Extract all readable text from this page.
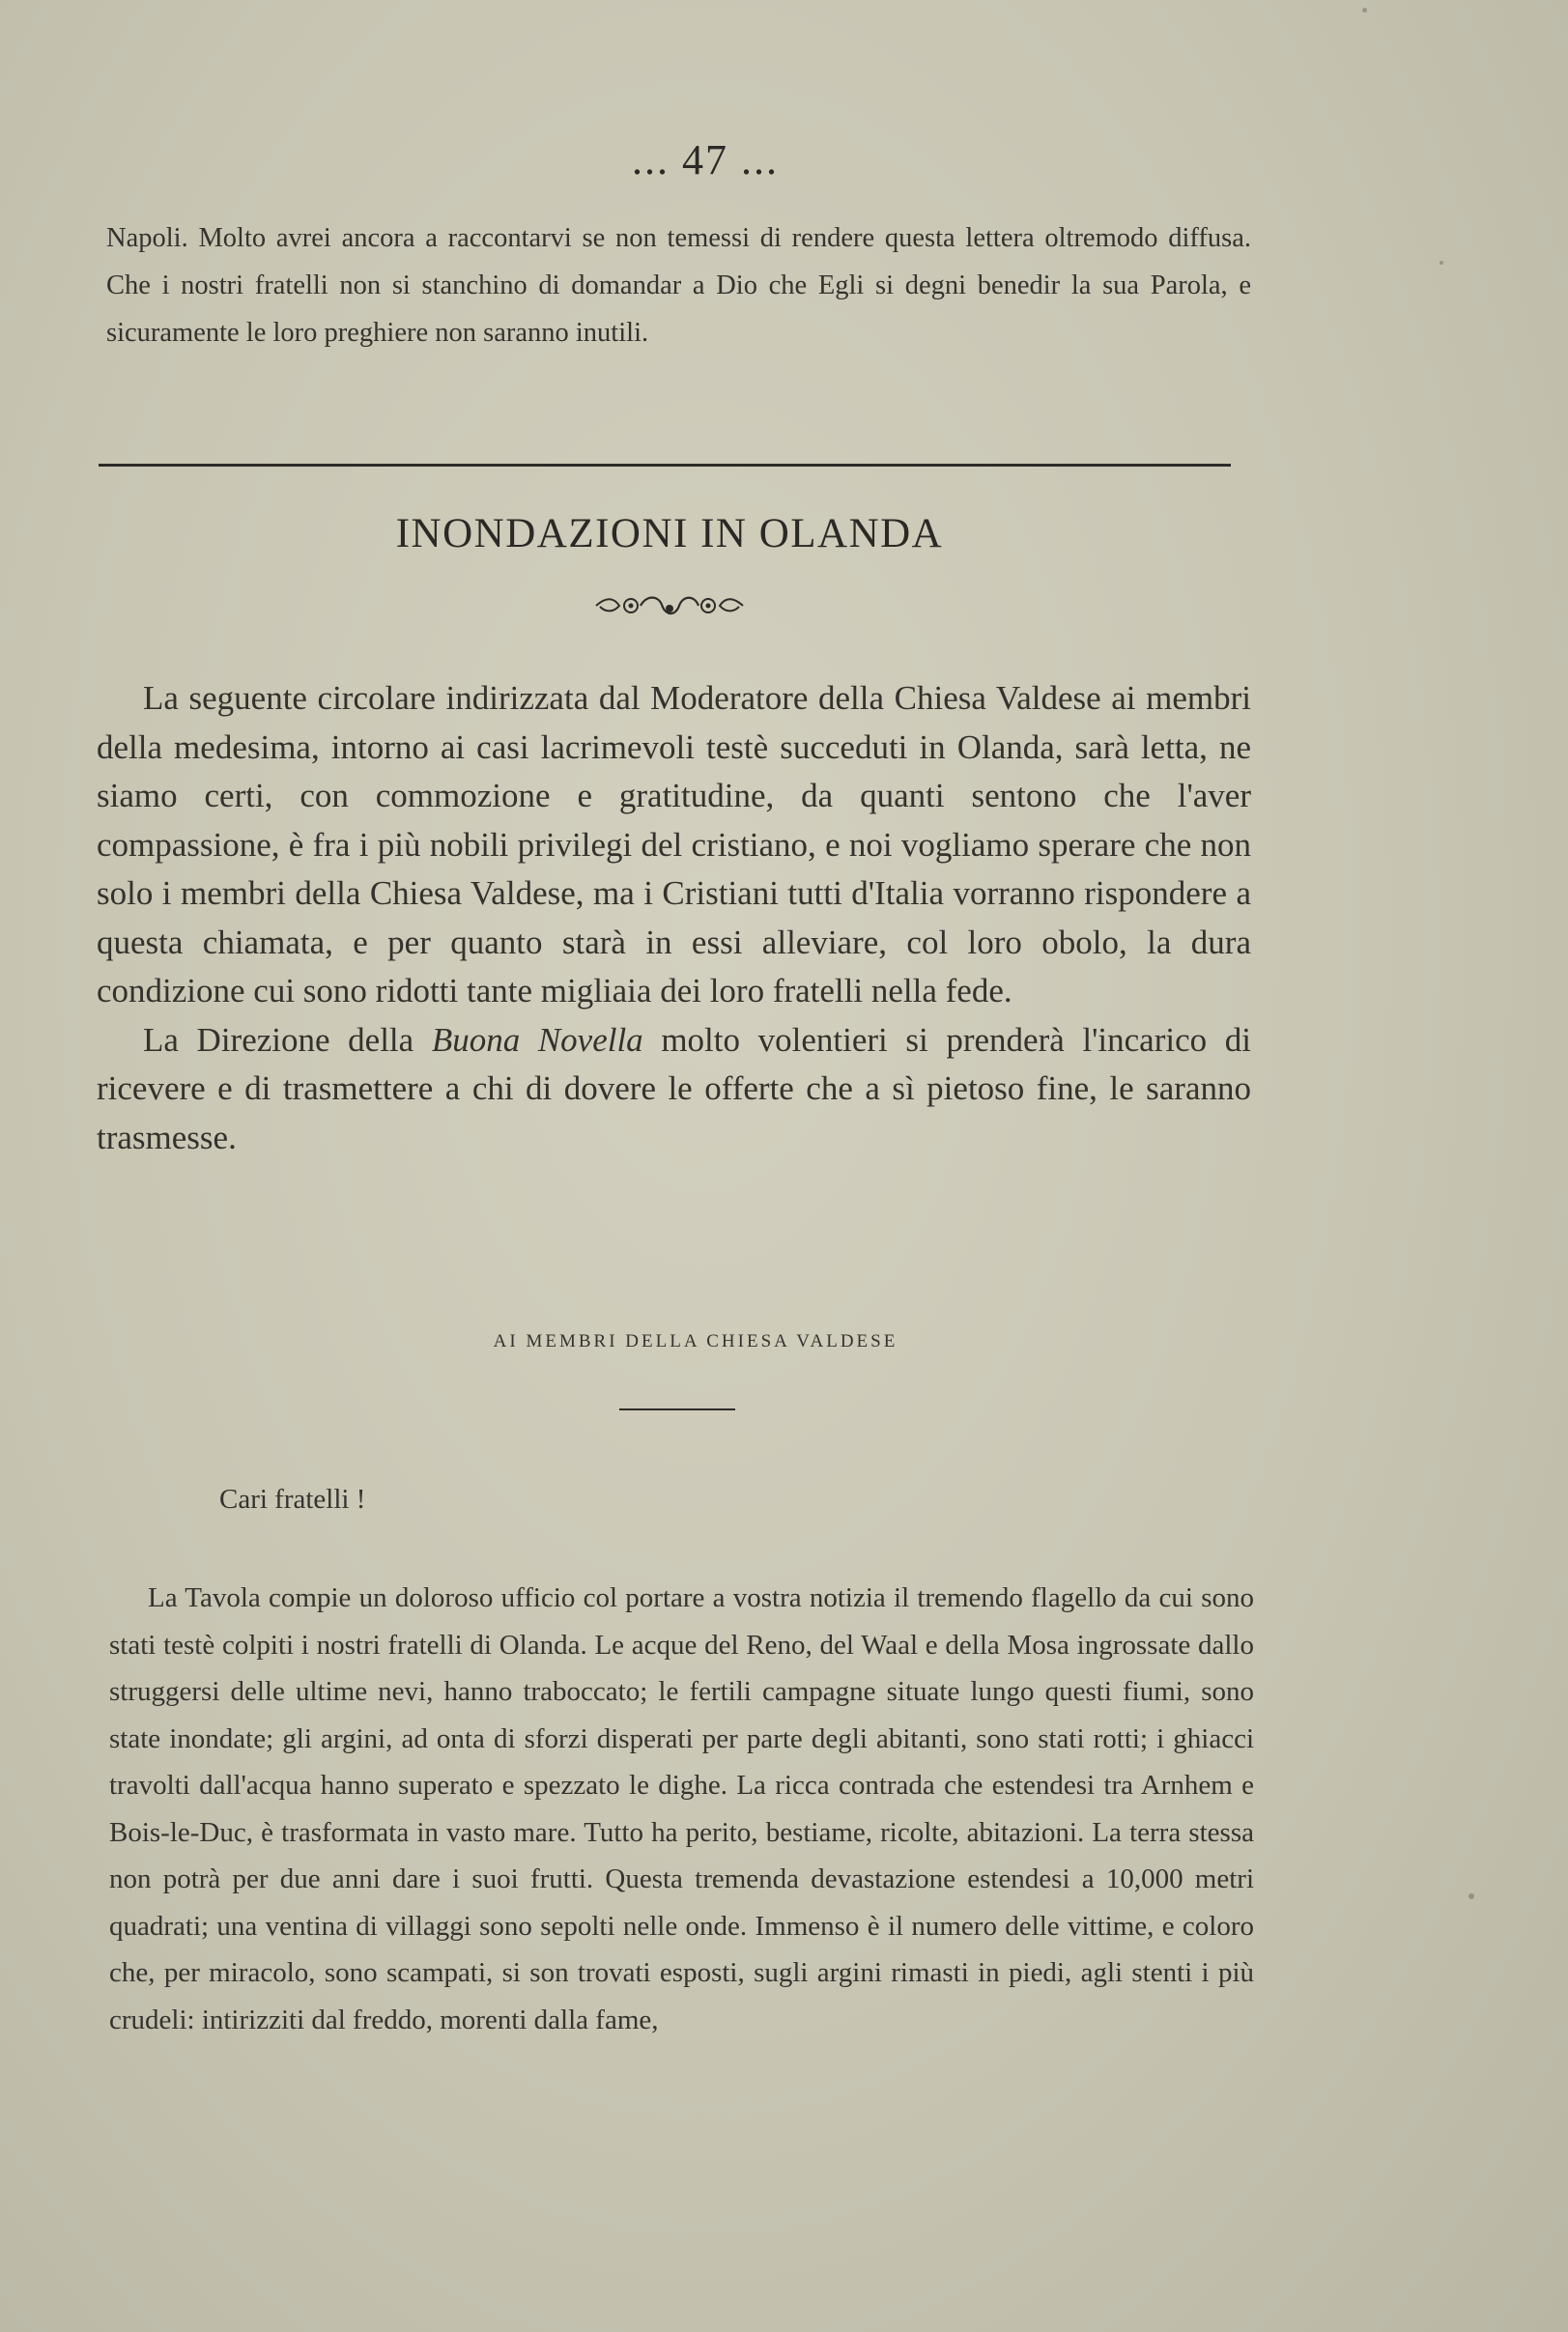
... 47 ...

Napoli. Molto avrei ancora a raccontarvi se non temessi di rendere questa lettera oltremodo diffusa. Che i nostri fratelli non si stanchino di domandar a Dio che Egli si degni benedir la sua Parola, e sicuramente le loro preghiere non saranno inutili.

INONDAZIONI IN OLANDA

La seguente circolare indirizzata dal Moderatore della Chiesa Valdese ai membri della medesima, intorno ai casi lacrimevoli testè succeduti in Olanda, sarà letta, ne siamo certi, con commozione e gratitudine, da quanti sentono che l'aver compassione, è fra i più nobili privilegi del cristiano, e noi vogliamo sperare che non solo i membri della Chiesa Valdese, ma i Cristiani tutti d'Italia vorranno rispondere a questa chiamata, e per quanto starà in essi alleviare, col loro obolo, la dura condizione cui sono ridotti tante migliaia dei loro fratelli nella fede.

La Direzione della Buona Novella molto volentieri si prenderà l'incarico di ricevere e di trasmettere a chi di dovere le offerte che a sì pietoso fine, le saranno trasmesse.

AI MEMBRI DELLA CHIESA VALDESE
Cari fratelli !

La Tavola compie un doloroso ufficio col portare a vostra notizia il tremendo flagello da cui sono stati testè colpiti i nostri fratelli di Olanda. Le acque del Reno, del Waal e della Mosa ingrossate dallo struggersi delle ultime nevi, hanno traboccato; le fertili campagne situate lungo questi fiumi, sono state inondate; gli argini, ad onta di sforzi disperati per parte degli abitanti, sono stati rotti; i ghiacci travolti dall'acqua hanno superato e spezzato le dighe. La ricca contrada che estendesi tra Arnhem e Bois-le-Duc, è trasformata in vasto mare. Tutto ha perito, bestiame, ricolte, abitazioni. La terra stessa non potrà per due anni dare i suoi frutti. Questa tremenda devastazione estendesi a 10,000 metri quadrati; una ventina di villaggi sono sepolti nelle onde. Immenso è il numero delle vittime, e coloro che, per miracolo, sono scampati, si son trovati esposti, sugli argini rimasti in piedi, agli stenti i più crudeli: intirizziti dal freddo, morenti dalla fame,
